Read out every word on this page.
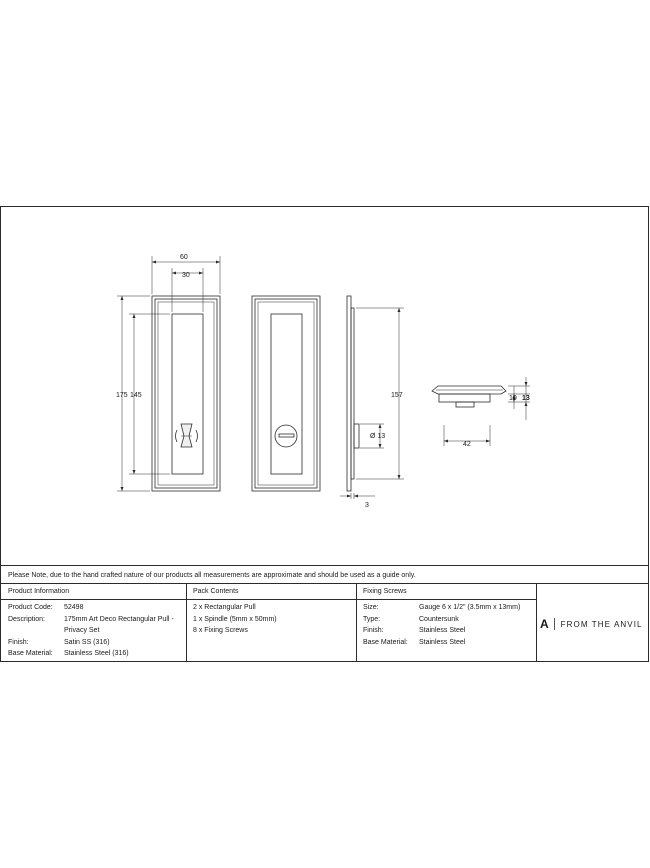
60
30
175 145	157
Ø 13
3
10 13
42
Please Note, due to the hand crafted nature of our products all measurements are approximate and should be used as a guide only.
Product Information	Pack Contents	Fixing Screws
Product Code:	52498
Description:	175mm Art Deco Rectangular Pull -
Privacy Set
Finish:	Satin SS (316)
Base Material:	Stainless Steel (316)
2 x Rectangular Pull
1 x Spindle (5mm x 50mm)
8 x Fixing Screws
Size:	Gauge 6 x 1/2" (3.5mm x 13mm)
Type:	Countersunk
Finish:	Stainless Steel
Base Material:	Stainless Steel
A FROM THE ANVIL
